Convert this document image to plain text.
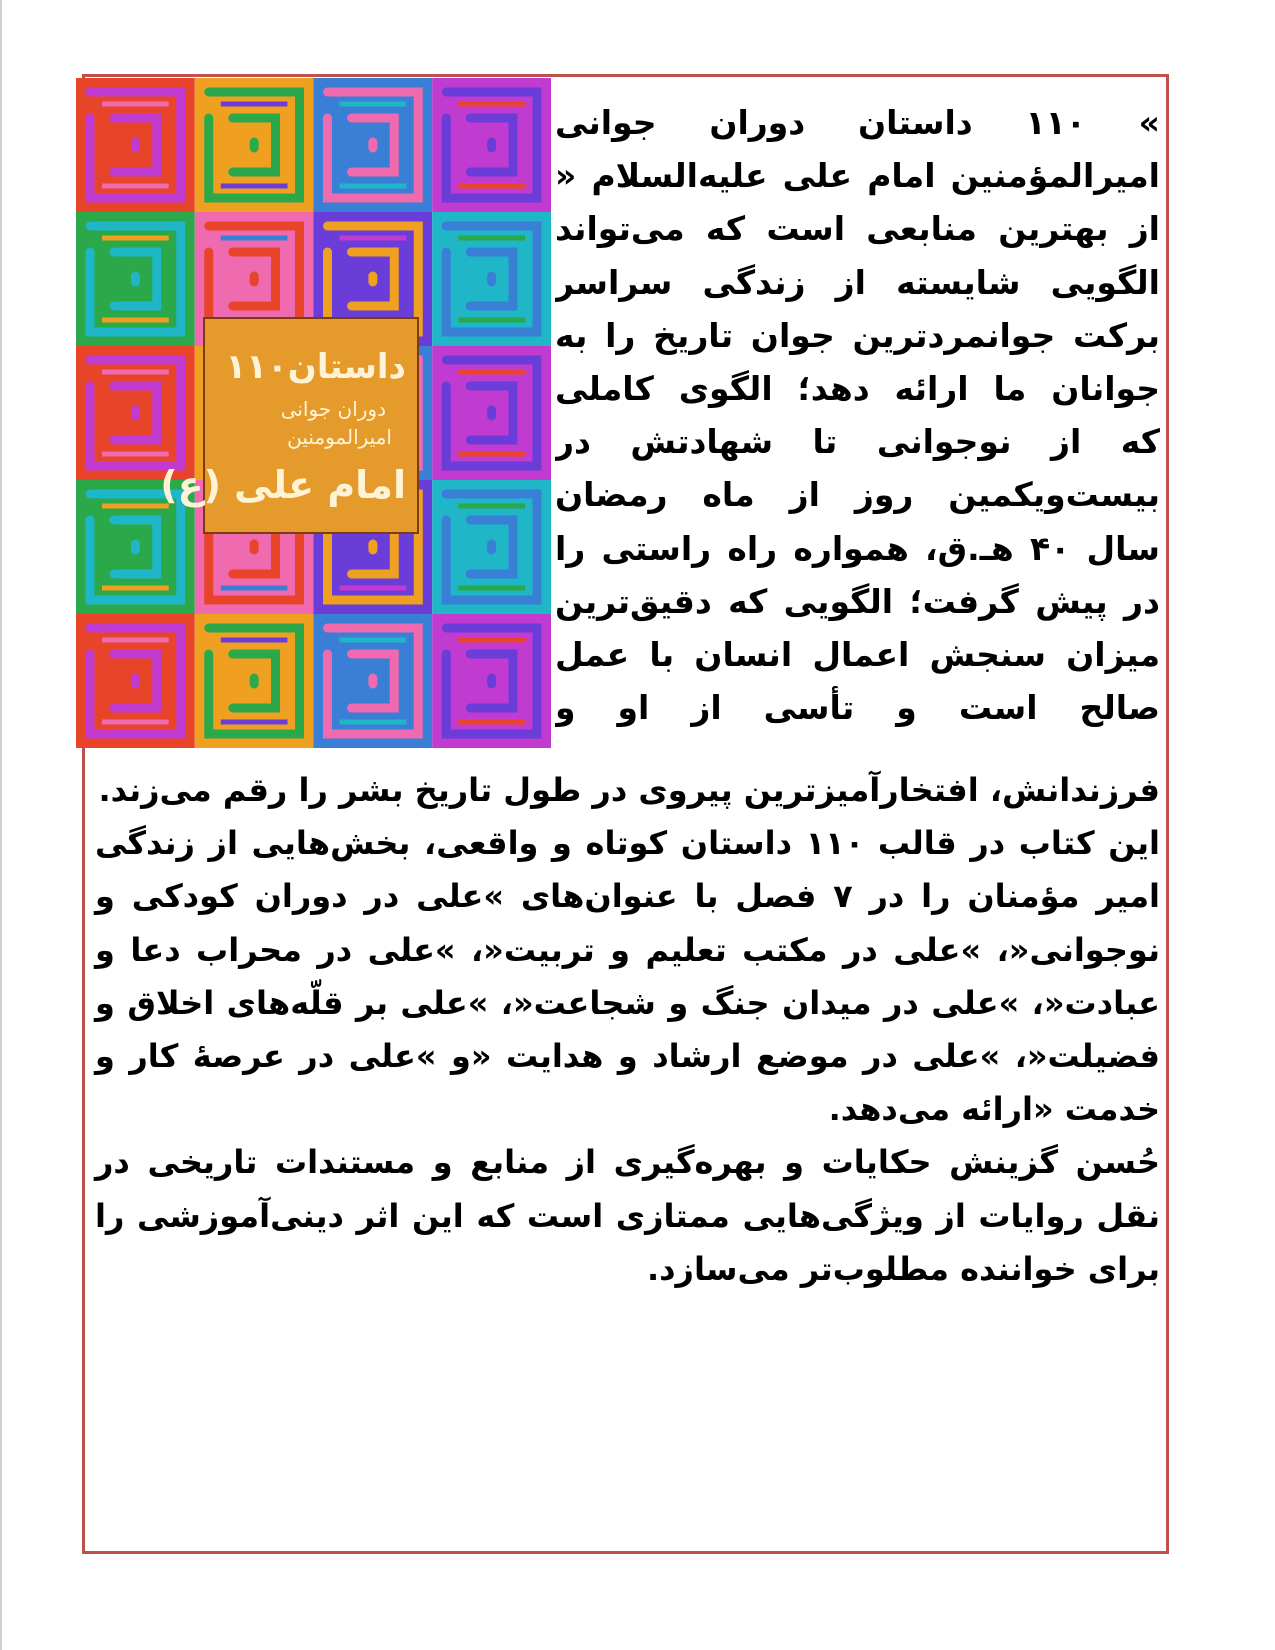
۱۱۰داستان
دوران جوانی
امیرالمومنین
امام علی (ع)
» ۱۱۰ داستان دوران جوانی
امیرالمؤمنین امام علی علیه‌السلام «
از بهترین منابعی است که می‌تواند
الگویی شایسته از زندگی سراسر
برکت جوانمردترین جوان تاریخ را به
جوانان ما ارائه دهد؛ الگوی کاملی
که از نوجوانی تا شهادتش در
بیست‌ویکمین روز از ماه رمضان
سال ۴۰ هـ.ق، همواره راه راستی را
در پیش گرفت؛ الگویی که دقیق‌ترین
میزان سنجش اعمال انسان با عمل
صالح است و تأسی از او و

فرزندانش، افتخارآمیزترین پیروی در طول تاریخ بشر را رقم می‌زند.

این کتاب در قالب ۱۱۰ داستان کوتاه و واقعی، بخش‌هایی از زندگی امیر مؤمنان را در ۷ فصل با عنوان‌های »علی در دوران کودکی و نوجوانی«، »علی در مکتب تعلیم و تربیت«، »علی در محراب دعا و عبادت«، »علی در میدان جنگ و شجاعت«، »علی بر قلّه‌های اخلاق و فضیلت«، »علی در موضع ارشاد و هدایت «و »علی در عرصهٔ کار و خدمت «ارائه می‌دهد.

حُسن گزینش حکایات و بهره‌گیری از منابع و مستندات تاریخی در نقل روایات از ویژگی‌هایی ممتازی است که این اثر دینی‌آموزشی را برای خواننده مطلوب‌تر می‌سازد.
